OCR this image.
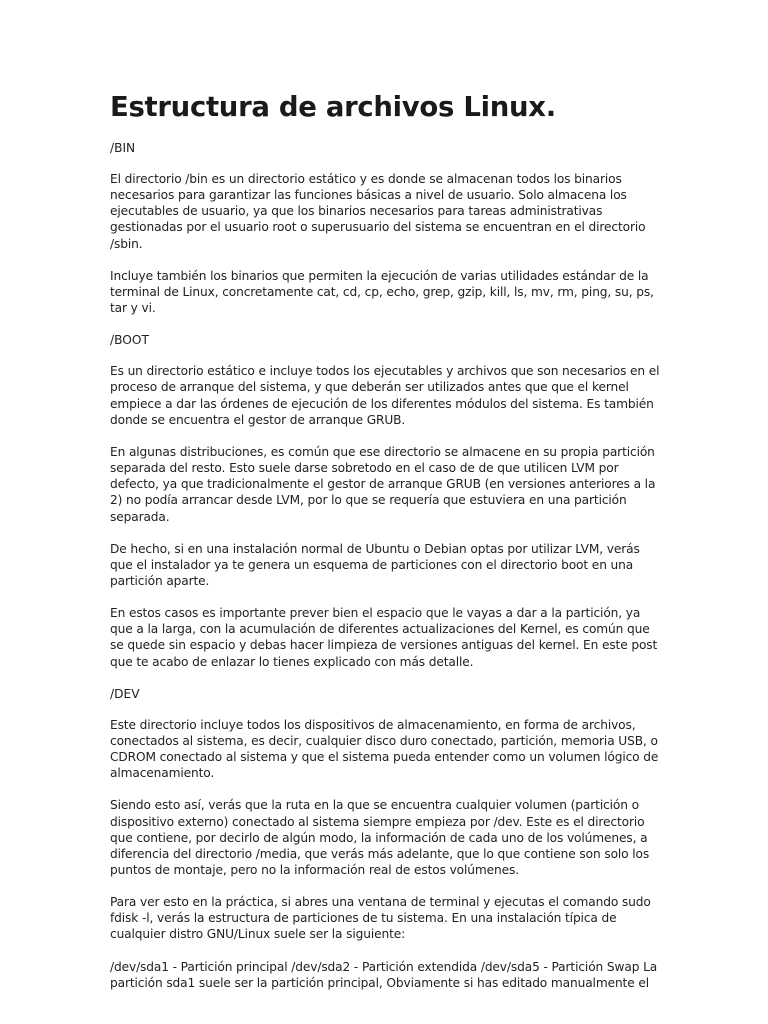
Estructura de archivos Linux.
/BIN

El directorio /bin es un directorio estático y es donde se almacenan todos los binarios necesarios para garantizar las funciones básicas a nivel de usuario. Solo almacena los ejecutables de usuario, ya que los binarios necesarios para tareas administrativas gestionadas por el usuario root o superusuario del sistema se encuentran en el directorio /sbin.

Incluye también los binarios que permiten la ejecución de varias utilidades estándar de la terminal de Linux, concretamente cat, cd, cp, echo, grep, gzip, kill, ls, mv, rm, ping, su, ps, tar y vi.

/BOOT

Es un directorio estático e incluye todos los ejecutables y archivos que son necesarios en el proceso de arranque del sistema, y que deberán ser utilizados antes que que el kernel empiece a dar las órdenes de ejecución de los diferentes módulos del sistema. Es también donde se encuentra el gestor de arranque GRUB.

En algunas distribuciones, es común que ese directorio se almacene en su propia partición separada del resto. Esto suele darse sobretodo en el caso de de que utilicen LVM por defecto, ya que tradicionalmente el gestor de arranque GRUB (en versiones anteriores a la 2) no podía arrancar desde LVM, por lo que se requería que estuviera en una partición separada.

De hecho, si en una instalación normal de Ubuntu o Debian optas por utilizar LVM, verás que el instalador ya te genera un esquema de particiones con el directorio boot en una partición aparte.

En estos casos es importante prever bien el espacio que le vayas a dar a la partición, ya que a la larga, con la acumulación de diferentes actualizaciones del Kernel, es común que se quede sin espacio y debas hacer limpieza de versiones antiguas del kernel. En este post que te acabo de enlazar lo tienes explicado con más detalle.

/DEV

Este directorio incluye todos los dispositivos de almacenamiento, en forma de archivos, conectados al sistema, es decir, cualquier disco duro conectado, partición, memoria USB, o CDROM conectado al sistema y que el sistema pueda entender como un volumen lógico de almacenamiento.

Siendo esto así, verás que la ruta en la que se encuentra cualquier volumen (partición o dispositivo externo) conectado al sistema siempre empieza por /dev. Este es el directorio que contiene, por decirlo de algún modo, la información de cada uno de los volúmenes, a diferencia del directorio /media, que verás más adelante, que lo que contiene son solo los puntos de montaje, pero no la información real de estos volúmenes.

Para ver esto en la práctica, si abres una ventana de terminal y ejecutas el comando sudo fdisk -l, verás la estructura de particiones de tu sistema. En una instalación típica de cualquier distro GNU/Linux suele ser la siguiente:

/dev/sda1 - Partición principal /dev/sda2 - Partición extendida /dev/sda5 - Partición Swap La partición sda1 suele ser la partición principal, Obviamente si has editado manualmente el
